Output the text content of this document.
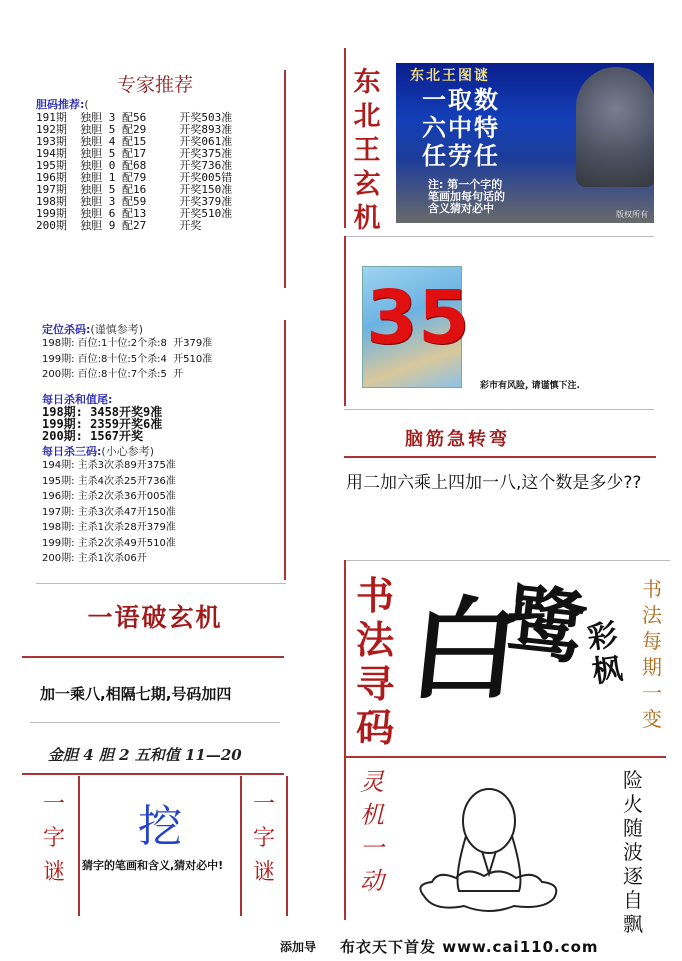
专家推荐
胆码推荐:(
191期  独胆 3 配56     开奖503准
192期  独胆 5 配29     开奖893准
193期  独胆 4 配15     开奖061准
194期  独胆 5 配17     开奖375准
195期  独胆 0 配68     开奖736准
196期  独胆 1 配79     开奖005错
197期  独胆 5 配16     开奖150准
198期  独胆 3 配59     开奖379准
199期  独胆 6 配13     开奖510准
200期  独胆 9 配27     开奖
定位杀码:(谨慎参考)
198期: 百位:1十位:2个杀:8  开379准
199期: 百位:8十位:5个杀:4  开510准
200期: 百位:8十位:7个杀:5  开
每日杀和值尾:
198期: 3458开奖9准
199期: 2359开奖6准
200期: 1567开奖
每日杀三码:(小心参考)
194期: 主杀3次杀89开375准
195期: 主杀4次杀25开736准
196期: 主杀2次杀36开005准
197期: 主杀3次杀47开150准
198期: 主杀1次杀28开379准
199期: 主杀2次杀49开510准
200期: 主杀1次杀06开
一语破玄机
加一乘八,相隔七期,号码加四
金胆 4 胆 2 五和值 11—20
一
字
谜
挖
猜字的笔画和含义,猜对必中!
一
字
谜
东
北
王
玄
机
东北王图谜
一取数
六中特
任劳任
注: 第一个字的
笔画加每句话的
含义猜对必中	版权所有
3 5
彩市有风险, 请谨慎下注.
脑筋急转弯
用二加六乘上四加一八,这个数是多少??
书
法
寻
码
白
鹭
彩枫
书
法
每
期
一
变
灵
机
一
动
险
火
随
波
逐
自
飘
添加导 布衣天下首发 www.cai110.com
